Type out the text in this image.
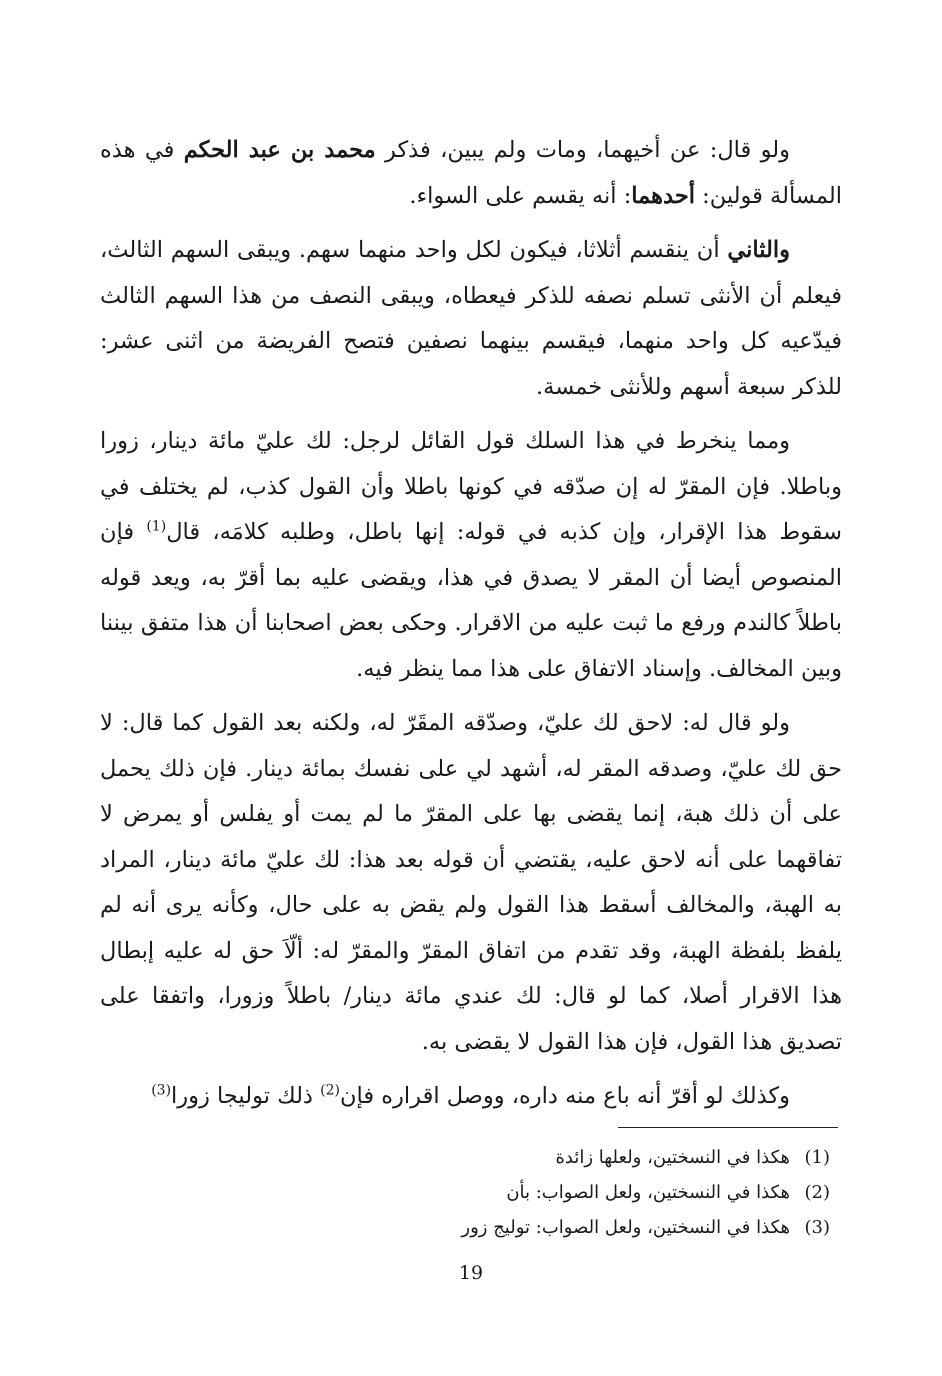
ولو قال: عن أخيهما، ومات ولم يبين، فذكر محمد بن عبد الحكم في هذه المسألة قولين: أحدهما: أنه يقسم على السواء.

والثاني أن ينقسم أثلاثا، فيكون لكل واحد منهما سهم. ويبقى السهم الثالث، فيعلم أن الأنثى تسلم نصفه للذكر فيعطاه، ويبقى النصف من هذا السهم الثالث فيدّعيه كل واحد منهما، فيقسم بينهما نصفين فتصح الفريضة من اثنى عشر: للذكر سبعة أسهم وللأنثى خمسة.

ومما ينخرط في هذا السلك قول القائل لرجل: لك عليّ مائة دينار، زورا وباطلا. فإن المقرّ له إن صدّقه في كونها باطلا وأن القول كذب، لم يختلف في سقوط هذا الإقرار، وإن كذبه في قوله: إنها باطل، وطلبه كلامَه، قال$^{(1)}$ فإن المنصوص أيضا أن المقر لا يصدق في هذا، ويقضى عليه بما أقرّ به، ويعد قوله باطلاً كالندم ورفع ما ثبت عليه من الاقرار. وحكى بعض اصحابنا أن هذا متفق بيننا وبين المخالف. وإسناد الاتفاق على هذا مما ينظر فيه.

ولو قال له: لاحق لك عليّ، وصدّقه المقَرّ له، ولكنه بعد القول كما قال: لا حق لك عليّ، وصدقه المقر له، أشهد لي على نفسك بمائة دينار. فإن ذلك يحمل على أن ذلك هبة، إنما يقضى بها على المقرّ ما لم يمت أو يفلس أو يمرض لا تفاقهما على أنه لاحق عليه، يقتضي أن قوله بعد هذا: لك عليّ مائة دينار، المراد به الهبة، والمخالف أسقط هذا القول ولم يقض به على حال، وكأنه يرى أنه لم يلفظ بلفظة الهبة، وقد تقدم من اتفاق المقرّ والمقرّ له: ألّاَ حق له عليه إبطال هذا الاقرار أصلا، كما لو قال: لك عندي مائة دينار/ باطلاً وزورا، واتفقا على تصديق هذا القول، فإن هذا القول لا يقضى به.

وكذلك لو أقرّ أنه باع منه داره، ووصل اقراره فإن$^{(2)}$ ذلك توليجا زورا$^{(3)}$

(1)هكذا في النسختين، ولعلها زائدة
(2)هكذا في النسختين، ولعل الصواب: بأن
(3)هكذا في النسختين، ولعل الصواب: توليج زور
19
